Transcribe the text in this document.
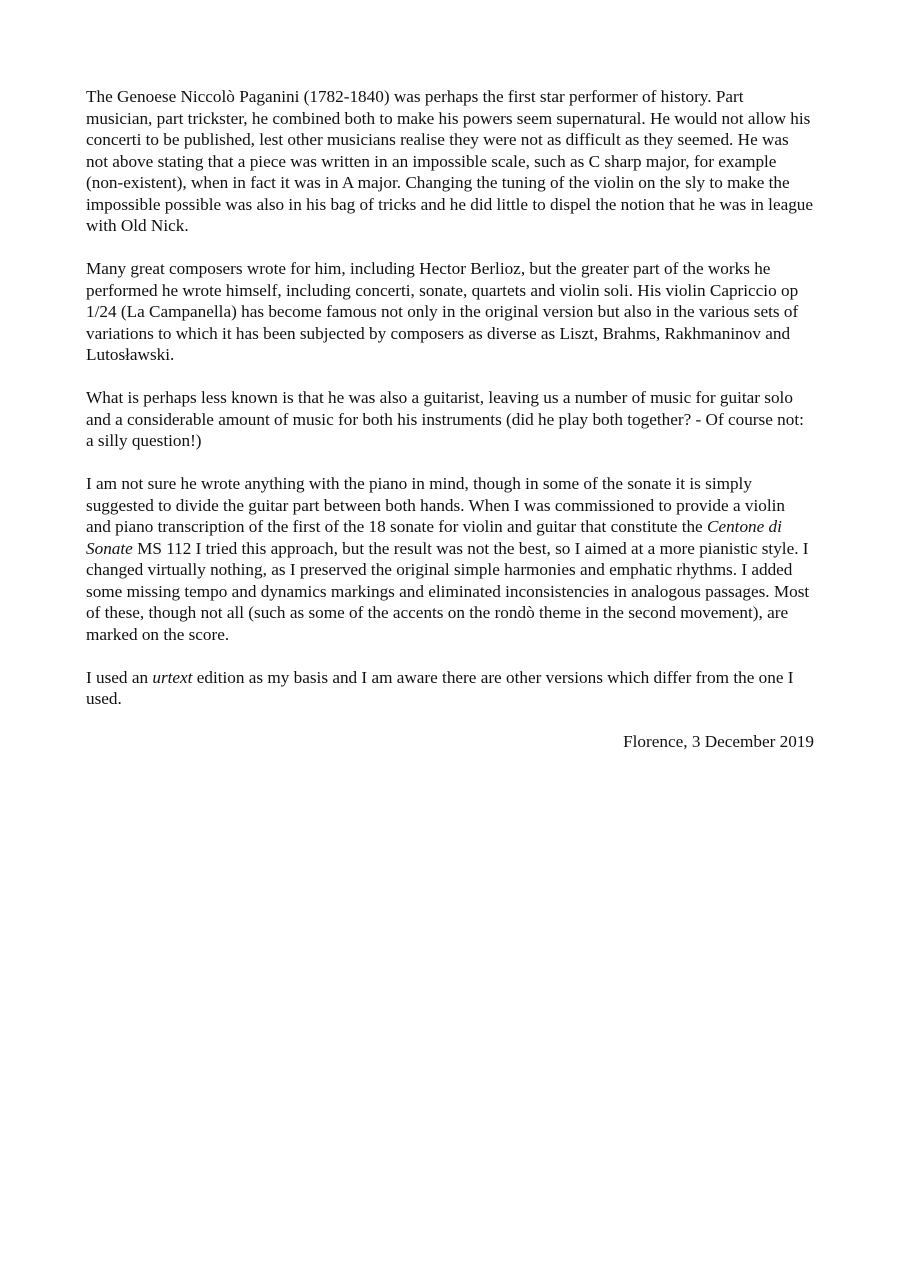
The Genoese Niccolò Paganini (1782-1840) was perhaps the first star performer of history. Part musician, part trickster, he combined both to make his powers seem supernatural. He would not allow his concerti to be published, lest other musicians realise they were not as difficult as they seemed. He was not above stating that a piece was written in an impossible scale, such as C sharp major, for example (non-existent), when in fact it was in A major. Changing the tuning of the violin on the sly to make the impossible possible was also in his bag of tricks and he did little to dispel the notion that he was in league with Old Nick.

Many great composers wrote for him, including Hector Berlioz, but the greater part of the works he performed he wrote himself, including concerti, sonate, quartets and violin soli. His violin Capriccio op 1/24 (La Campanella) has become famous not only in the original version but also in the various sets of variations to which it has been subjected by composers as diverse as Liszt, Brahms, Rakhmaninov and Lutosławski.

What is perhaps less known is that he was also a guitarist, leaving us a number of music for guitar solo and a considerable amount of music for both his instruments (did he play both together? - Of course not: a silly question!)

I am not sure he wrote anything with the piano in mind, though in some of the sonate it is simply suggested to divide the guitar part between both hands. When I was commissioned to provide a violin and piano transcription of the first of the 18 sonate for violin and guitar that constitute the Centone di Sonate MS 112 I tried this approach, but the result was not the best, so I aimed at a more pianistic style. I changed virtually nothing, as I preserved the original simple harmonies and emphatic rhythms. I added some missing tempo and dynamics markings and eliminated inconsistencies in analogous passages. Most of these, though not all (such as some of the accents on the rondò theme in the second movement), are marked on the score.

I used an urtext edition as my basis and I am aware there are other versions which differ from the one I used.

Florence, 3 December 2019
